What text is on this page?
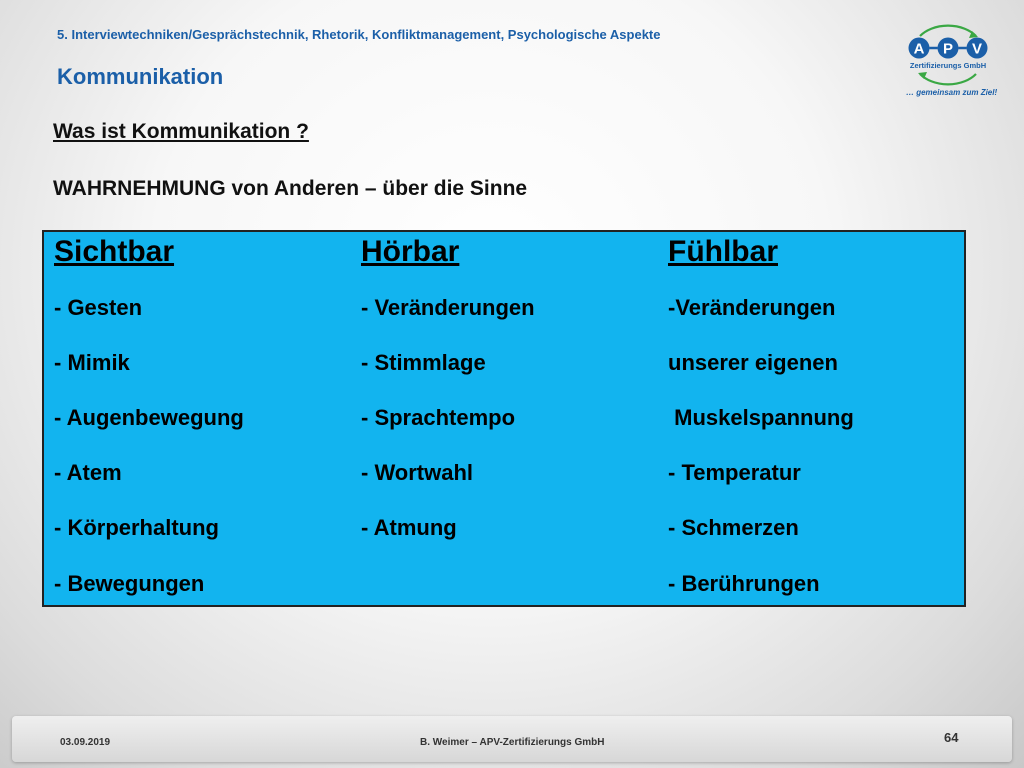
5. Interviewtechniken/Gesprächstechnik, Rhetorik, Konfliktmanagement, Psychologische Aspekte
Kommunikation
A P V
Zertifizierungs GmbH
… gemeinsam zum Ziel!
Was ist Kommunikation ?
WAHRNEHMUNG von Anderen – über die Sinne
Sichtbar
- Gesten
- Mimik
- Augenbewegung
- Atem
- Körperhaltung
- Bewegungen
Hörbar
- Veränderungen
- Stimmlage
- Sprachtempo
- Wortwahl
- Atmung
Fühlbar
-Veränderungen
unserer eigenen
Muskelspannung
- Temperatur
- Schmerzen
- Berührungen
03.09.2019	B. Weimer – APV-Zertifizierungs GmbH	64
